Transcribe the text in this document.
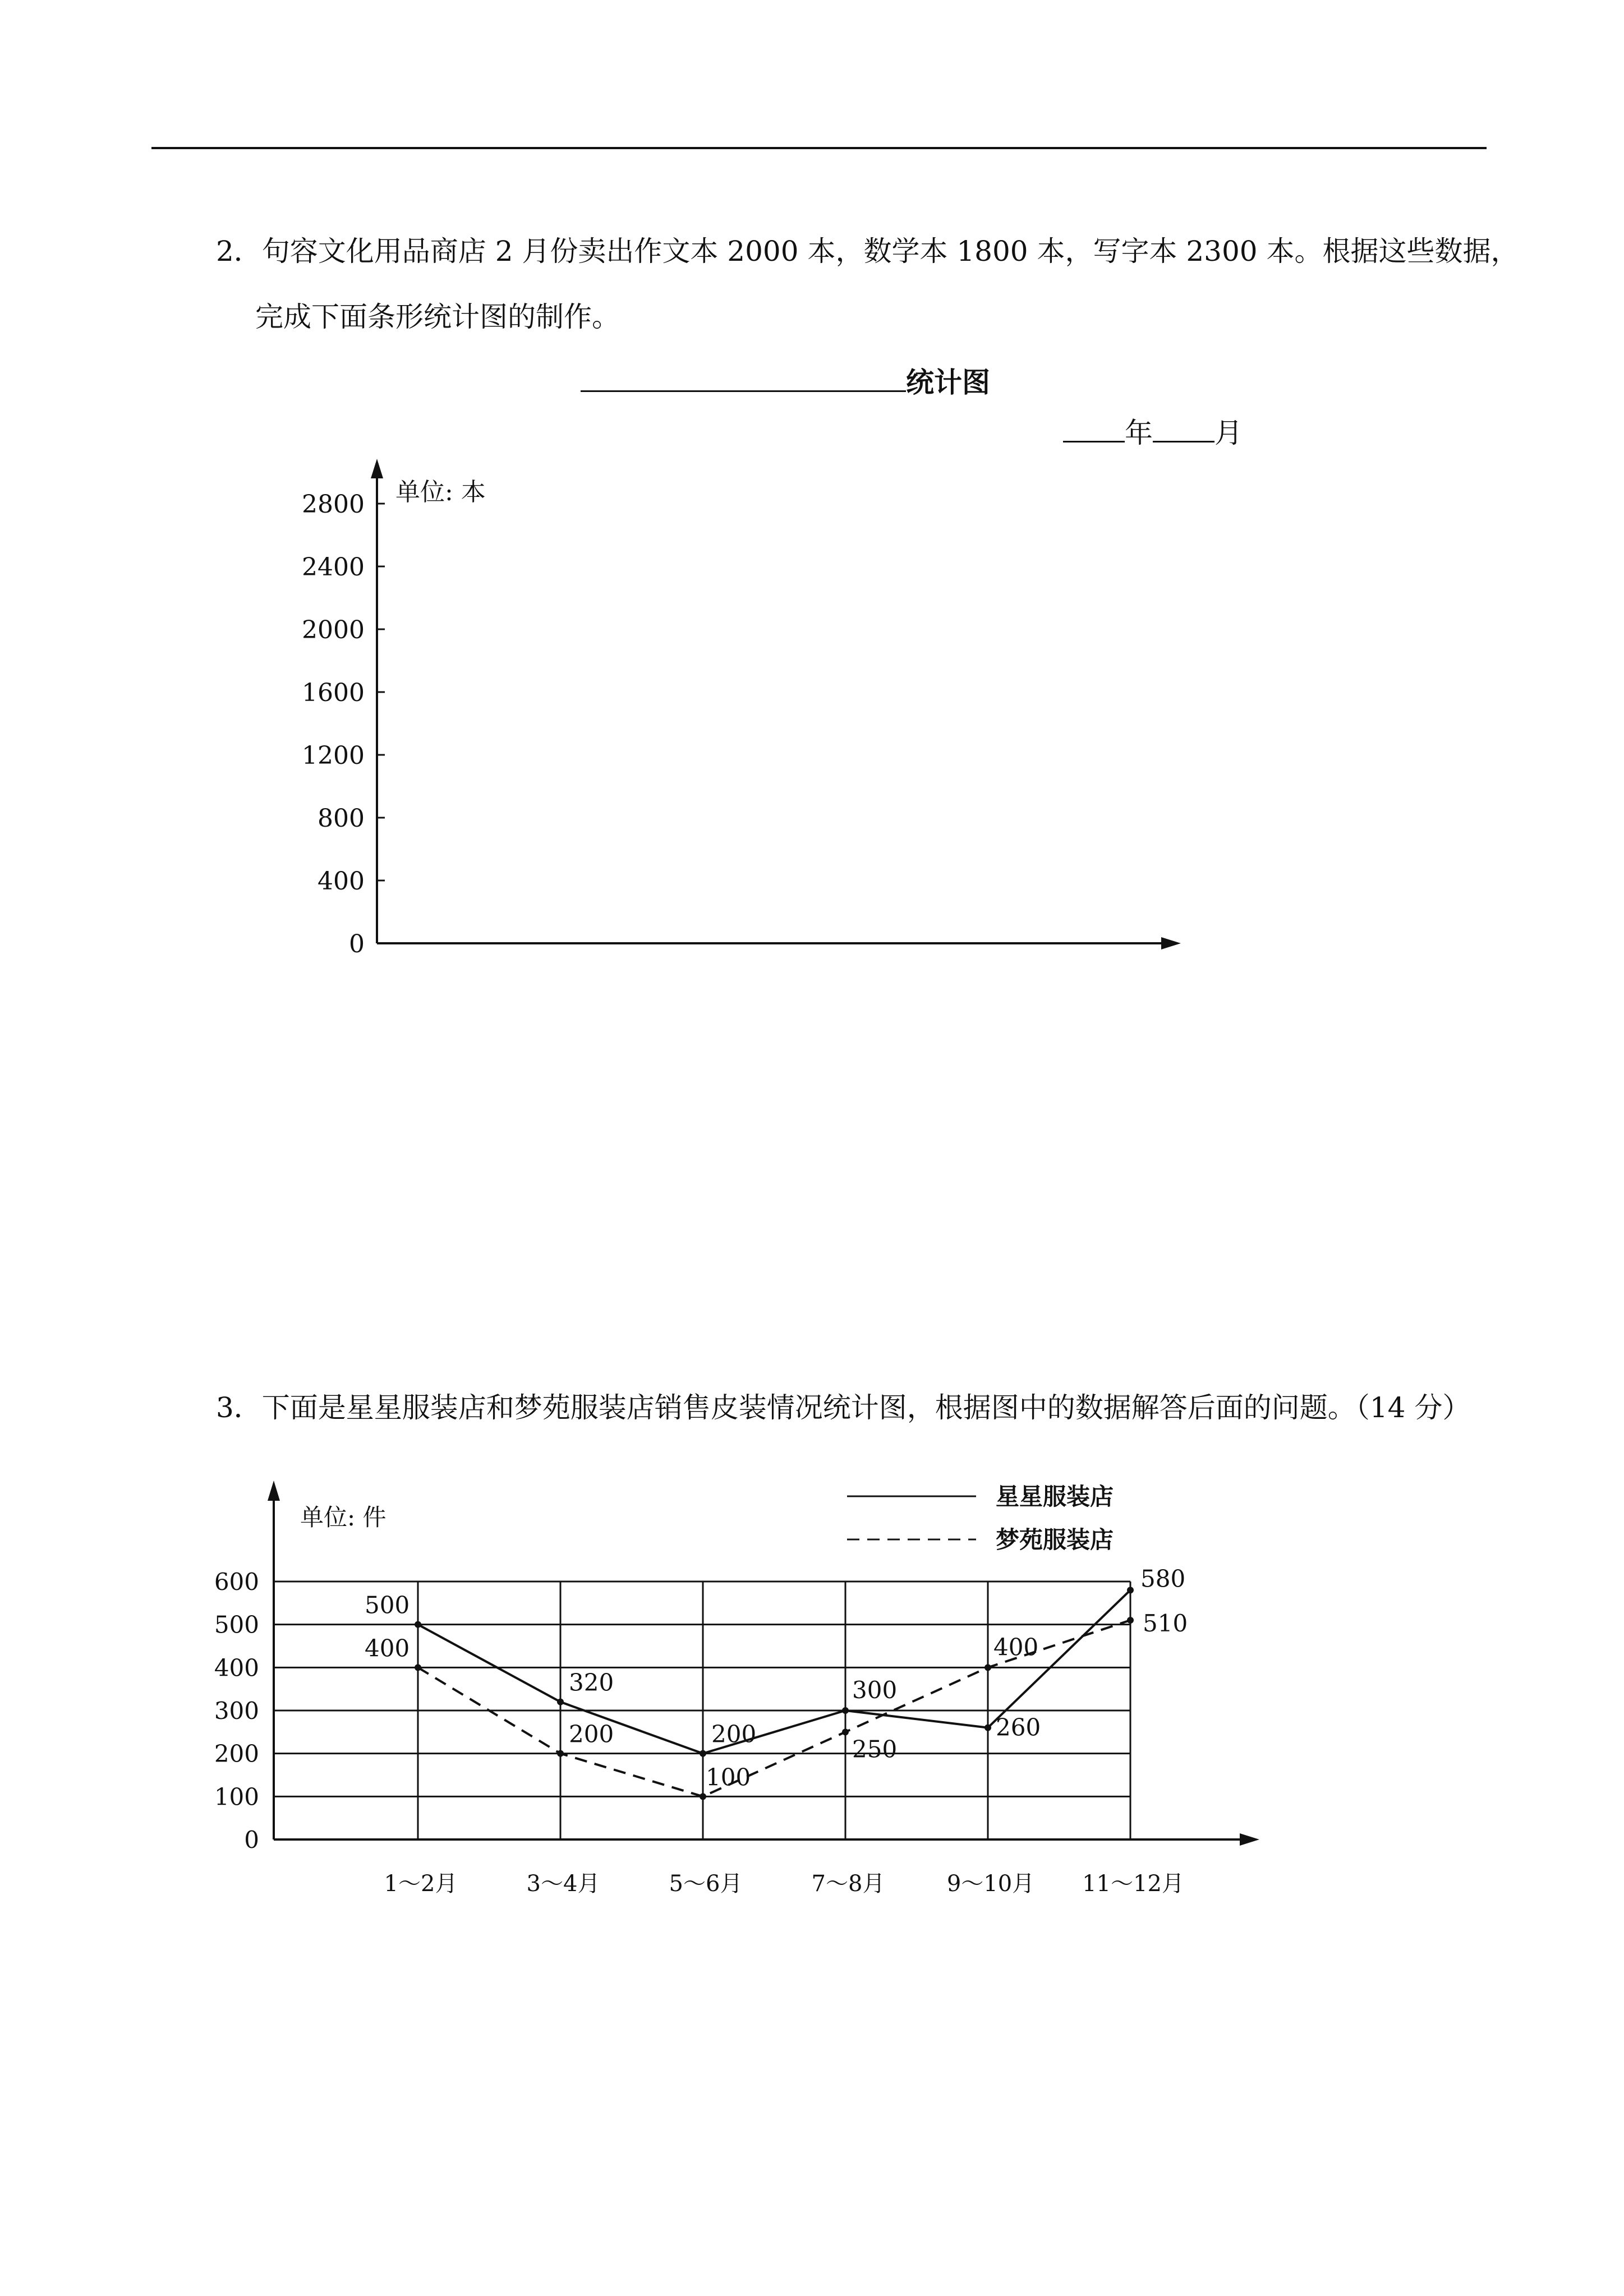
2．句容文化用品商店 2 月份卖出作文本 2000 本，数学本 1800 本，写字本 2300 本。根据这些数据，
完成下面条形统计图的制作。
统计图
年 月
单位: 本
0
400
800
1200
1600
2000
2400
2800
3．下面是星星服装店和梦苑服装店销售皮装情况统计图，根据图中的数据解答后面的问题。（14 分）
单位: 件
星星服装店
梦苑服装店
0
100
200
300
400
500
600
1～2月	3～4月	5～6月	7～8月	9～10月 11～12月
500
320
200
300
260
580
400
200
100
250
400
510
